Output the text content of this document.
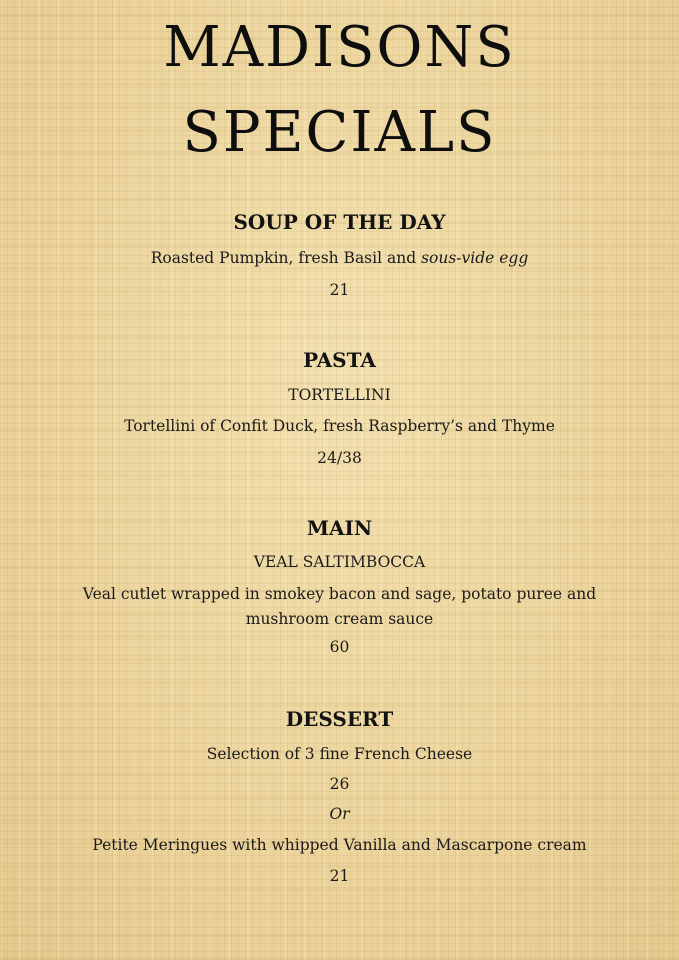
MADISONS
SPECIALS
SOUP OF THE DAY
Roasted Pumpkin, fresh Basil and sous-vide egg
21
PASTA
TORTELLINI
Tortellini of Confit Duck, fresh Raspberry’s and Thyme
24/38
MAIN
VEAL SALTIMBOCCA
Veal cutlet wrapped in smokey bacon and sage, potato puree and mushroom cream sauce
60
DESSERT
Selection of 3 fine French Cheese
26
Or
Petite Meringues with whipped Vanilla and Mascarpone cream
21
